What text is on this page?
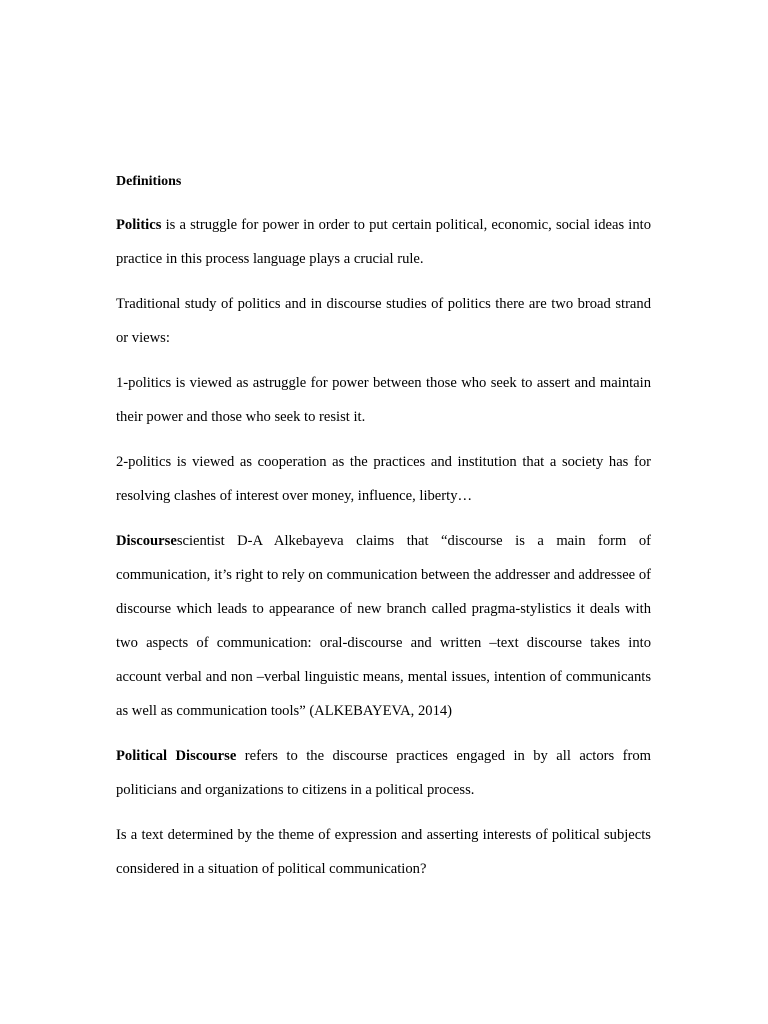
Definitions

Politics is a struggle for power in order to put certain political, economic, social ideas into practice in this process language plays a crucial rule.

Traditional study of politics and in discourse studies of politics there are two broad strand or views:

1-politics is viewed as astruggle for power between those who seek to assert and maintain their power and those who seek to resist it.

2-politics is viewed as cooperation as the practices and institution that a society has for resolving clashes of interest over money, influence, liberty…

Discoursescientist D-A Alkebayeva claims that “discourse is a main form of communication, it’s right to rely on communication between the addresser and addressee of discourse which leads to appearance of new branch called pragma-stylistics it deals with two aspects of communication: oral-discourse and written –text discourse takes into account verbal and non –verbal linguistic means, mental issues, intention of communicants as well as communication tools” (ALKEBAYEVA, 2014)

Political Discourse refers to the discourse practices engaged in by all actors from politicians and organizations to citizens in a political process.

Is a text determined by the theme of expression and asserting interests of political subjects considered in a situation of political communication?
